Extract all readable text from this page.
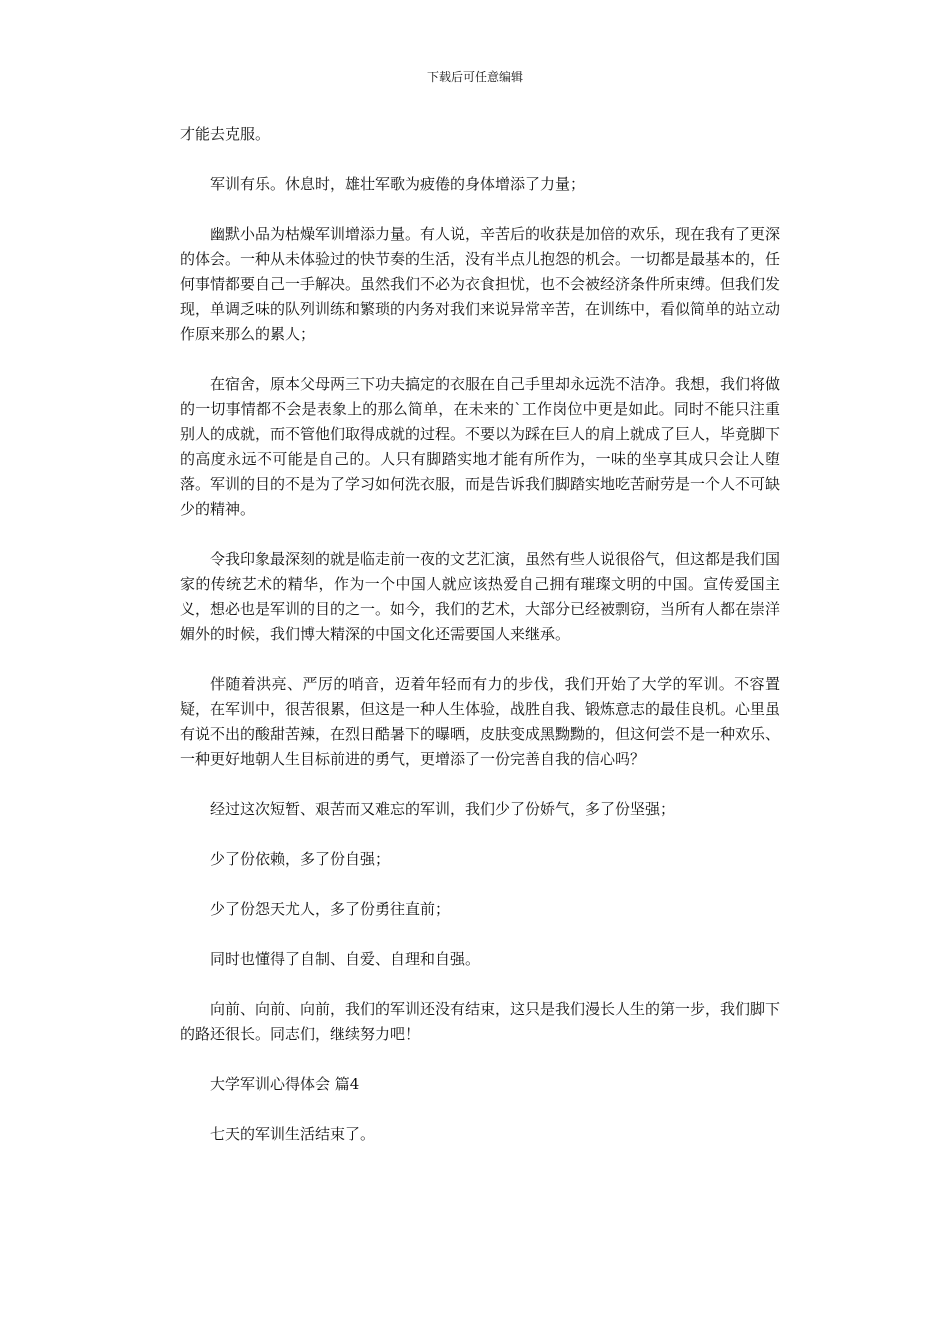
下载后可任意编辑

才能去克服。

军训有乐。休息时，雄壮军歌为疲倦的身体增添了力量；

幽默小品为枯燥军训增添力量。有人说，辛苦后的收获是加倍的欢乐，现在我有了更深的体会。一种从未体验过的快节奏的生活，没有半点儿抱怨的机会。一切都是最基本的，任何事情都要自己一手解决。虽然我们不必为衣食担忧，也不会被经济条件所束缚。但我们发现，单调乏味的队列训练和繁琐的内务对我们来说异常辛苦，在训练中，看似简单的站立动作原来那么的累人；

在宿舍，原本父母两三下功夫搞定的衣服在自己手里却永远洗不洁净。我想，我们将做的一切事情都不会是表象上的那么简单，在未来的`工作岗位中更是如此。同时不能只注重别人的成就，而不管他们取得成就的过程。不要以为踩在巨人的肩上就成了巨人，毕竟脚下的高度永远不可能是自己的。人只有脚踏实地才能有所作为，一味的坐享其成只会让人堕落。军训的目的不是为了学习如何洗衣服，而是告诉我们脚踏实地吃苦耐劳是一个人不可缺少的精神。

令我印象最深刻的就是临走前一夜的文艺汇演，虽然有些人说很俗气，但这都是我们国家的传统艺术的精华，作为一个中国人就应该热爱自己拥有璀璨文明的中国。宣传爱国主义，想必也是军训的目的之一。如今，我们的艺术，大部分已经被剽窃，当所有人都在崇洋媚外的时候，我们博大精深的中国文化还需要国人来继承。

伴随着洪亮、严厉的哨音，迈着年轻而有力的步伐，我们开始了大学的军训。不容置疑，在军训中，很苦很累，但这是一种人生体验，战胜自我、锻炼意志的最佳良机。心里虽有说不出的酸甜苦辣，在烈日酷暑下的曝晒，皮肤变成黑黝黝的，但这何尝不是一种欢乐、一种更好地朝人生目标前进的勇气，更增添了一份完善自我的信心吗？

经过这次短暂、艰苦而又难忘的军训，我们少了份娇气，多了份坚强；

少了份依赖，多了份自强；

少了份怨天尤人，多了份勇往直前；

同时也懂得了自制、自爱、自理和自强。

向前、向前、向前，我们的军训还没有结束，这只是我们漫长人生的第一步，我们脚下的路还很长。同志们，继续努力吧！

大学军训心得体会 篇4

七天的军训生活结束了。
